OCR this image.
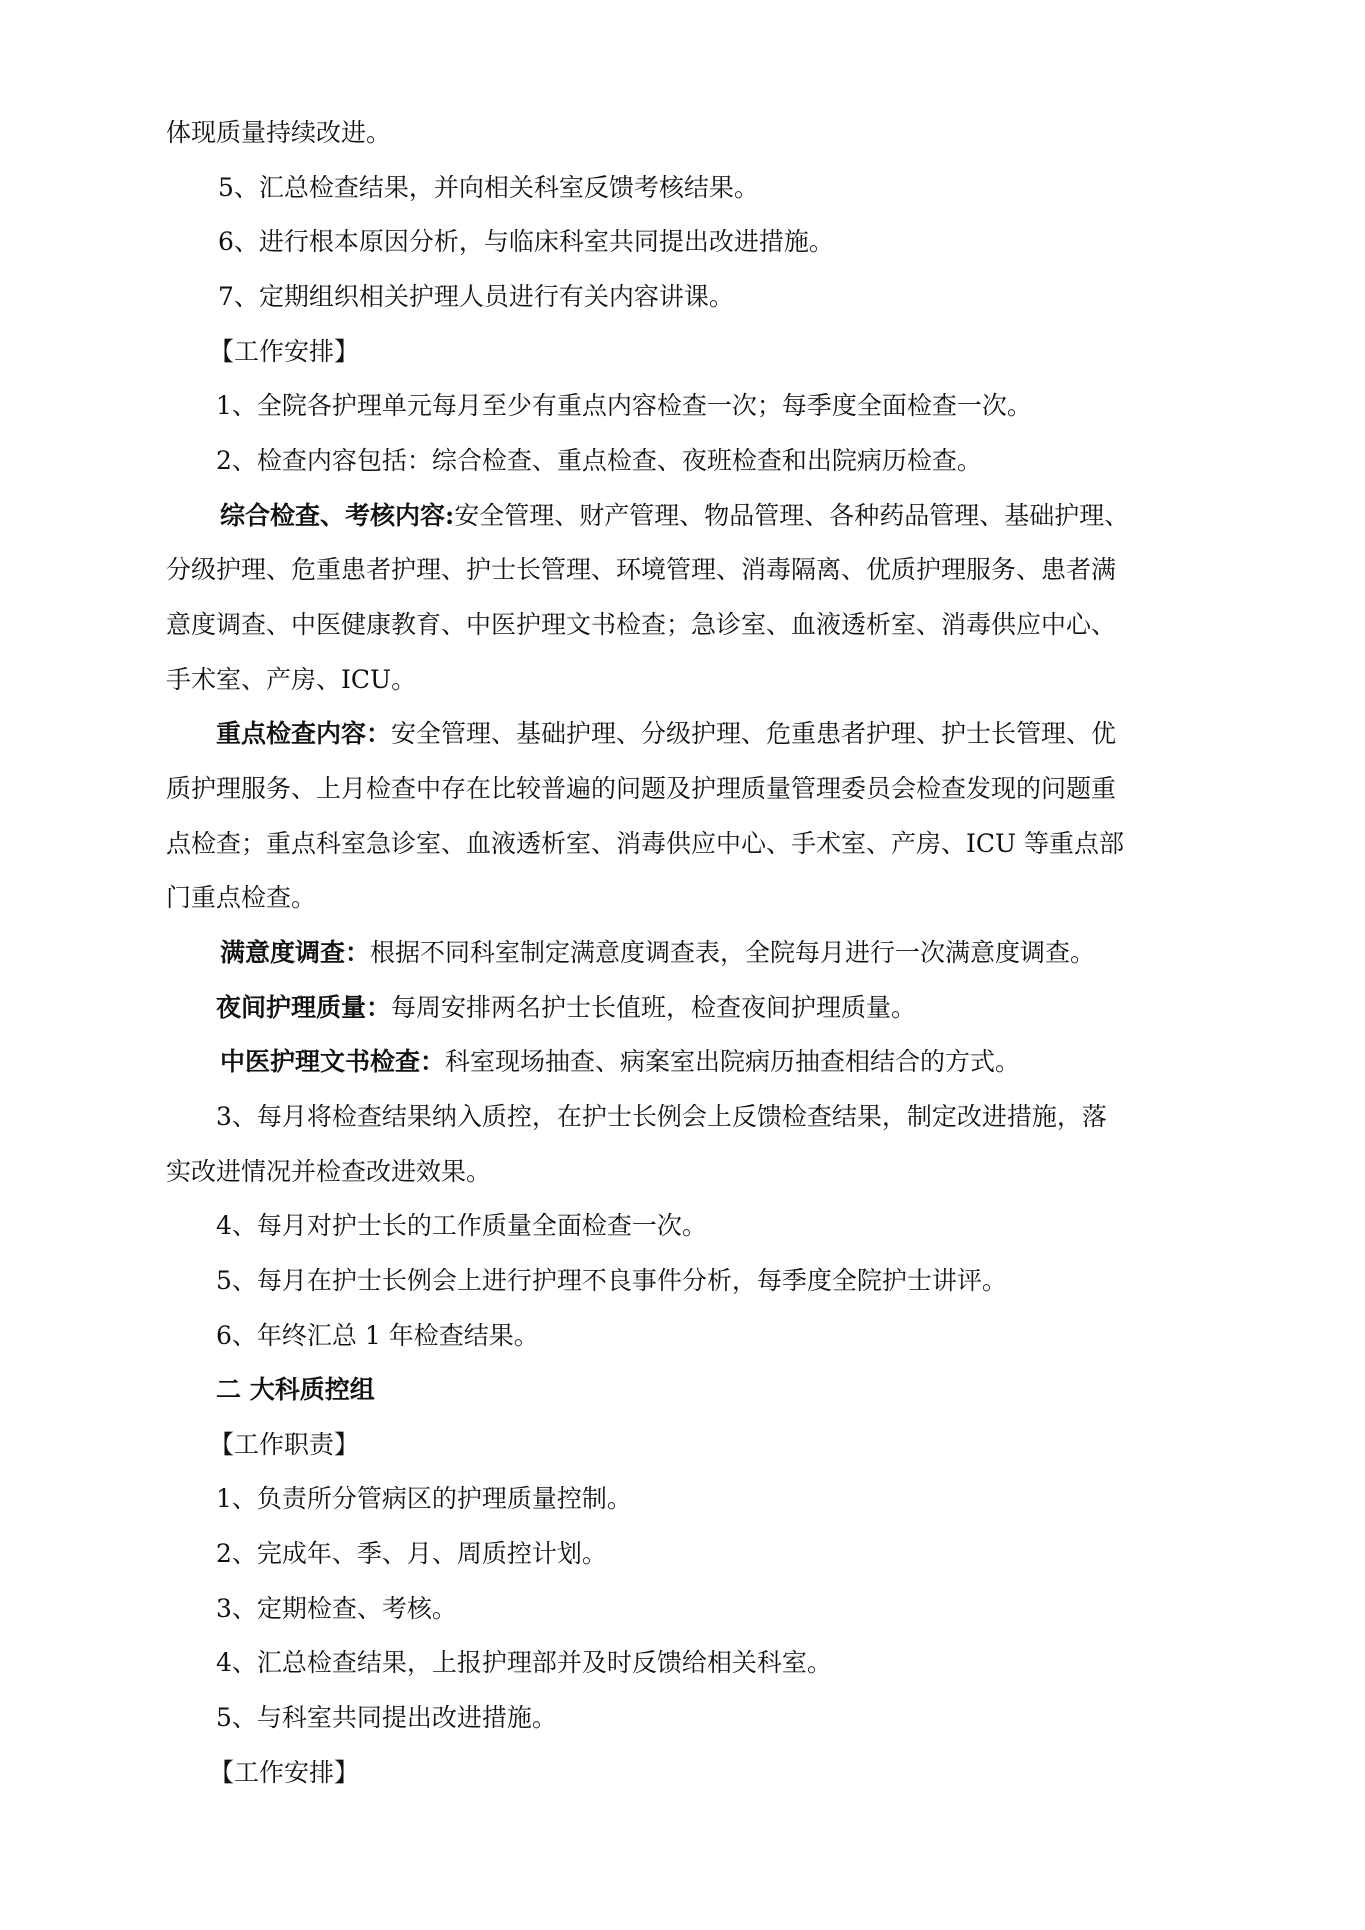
体现质量持续改进。
5、汇总检查结果，并向相关科室反馈考核结果。
6、进行根本原因分析，与临床科室共同提出改进措施。
7、定期组织相关护理人员进行有关内容讲课。
【工作安排】
1、全院各护理单元每月至少有重点内容检查一次；每季度全面检查一次。
2、检查内容包括：综合检查、重点检查、夜班检查和出院病历检查。
综合检查、考核内容:安全管理、财产管理、物品管理、各种药品管理、基础护理、
分级护理、危重患者护理、护士长管理、环境管理、消毒隔离、优质护理服务、患者满
意度调查、中医健康教育、中医护理文书检查；急诊室、血液透析室、消毒供应中心、
手术室、产房、ICU。
重点检查内容：安全管理、基础护理、分级护理、危重患者护理、护士长管理、优
质护理服务、上月检查中存在比较普遍的问题及护理质量管理委员会检查发现的问题重
点检查；重点科室急诊室、血液透析室、消毒供应中心、手术室、产房、ICU 等重点部
门重点检查。
满意度调查：根据不同科室制定满意度调查表，全院每月进行一次满意度调查。
夜间护理质量：每周安排两名护士长值班，检查夜间护理质量。
中医护理文书检查：科室现场抽查、病案室出院病历抽查相结合的方式。
3、每月将检查结果纳入质控，在护士长例会上反馈检查结果，制定改进措施，落
实改进情况并检查改进效果。
4、每月对护士长的工作质量全面检查一次。
5、每月在护士长例会上进行护理不良事件分析，每季度全院护士讲评。
6、年终汇总 1 年检查结果。
二 大科质控组
【工作职责】
1、负责所分管病区的护理质量控制。
2、完成年、季、月、周质控计划。
3、定期检查、考核。
4、汇总检查结果，上报护理部并及时反馈给相关科室。
5、与科室共同提出改进措施。
【工作安排】
